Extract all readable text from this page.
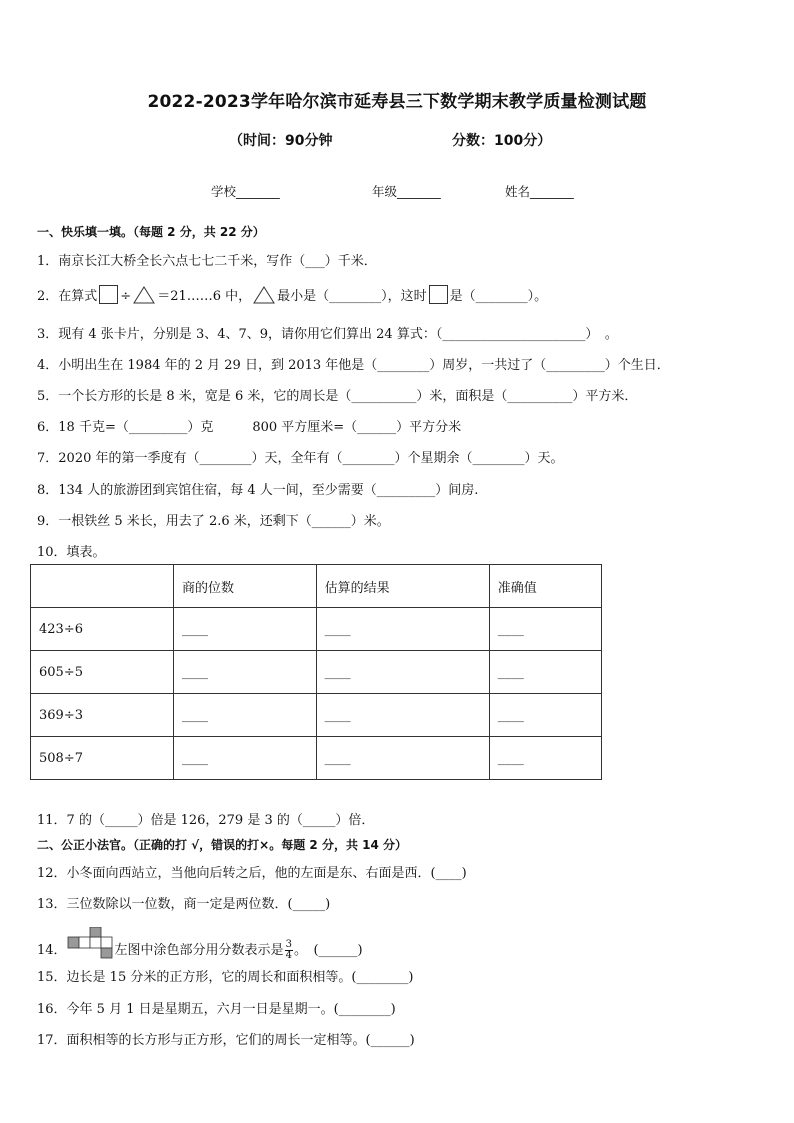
2022-2023学年哈尔滨市延寿县三下数学期末教学质量检测试题
（时间：90分钟	分数：100分）
学校_______	年级_______	姓名_______
一、快乐填一填。（每题 2 分，共 22 分）
1．南京长江大桥全长六点七七二千米，写作（___）千米．
2．在算式 ÷ ＝21……6 中， 最小是（________），这时 是（________）。
3．现有 4 张卡片，分别是 3、4、7、9，请你用它们算出 24 算式：（______________________）　。
4．小明出生在 1984 年的 2 月 29 日，到 2013 年他是（________）周岁，一共过了（_________）个生日．
5．一个长方形的长是 8 米，宽是 6 米，它的周长是（__________）米，面积是（__________）平方米．
6．18 千克=（_________）克　　　800 平方厘米=（______）平方分米
7．2020 年的第一季度有（________）天，全年有（________）个星期余（________）天。
8．134 人的旅游团到宾馆住宿，每 4 人一间，至少需要（_________）间房.
9．一根铁丝 5 米长，用去了 2.6 米，还剩下（______）米。
10．填表。
	商的位数	估算的结果	准确值
423÷6	____	____	____
605÷5	____	____	____
369÷3	____	____	____
508÷7	____	____	____
11．7 的（_____）倍是 126，279 是 3 的（_____）倍．
二、公正小法官。（正确的打 √，错误的打×。每题 2 分，共 14 分）
12．小冬面向西站立，当他向后转之后，他的左面是东、右面是西．(____)
13．三位数除以一位数，商一定是两位数．(_____)
14．	左图中涂色部分用分数表示是 $\frac{3}{4}$ 。　(______)
15．边长是 15 分米的正方形，它的周长和面积相等。(________)
16．今年 5 月 1 日是星期五，六月一日是星期一。(________)
17．面积相等的长方形与正方形，它们的周长一定相等。(______)
